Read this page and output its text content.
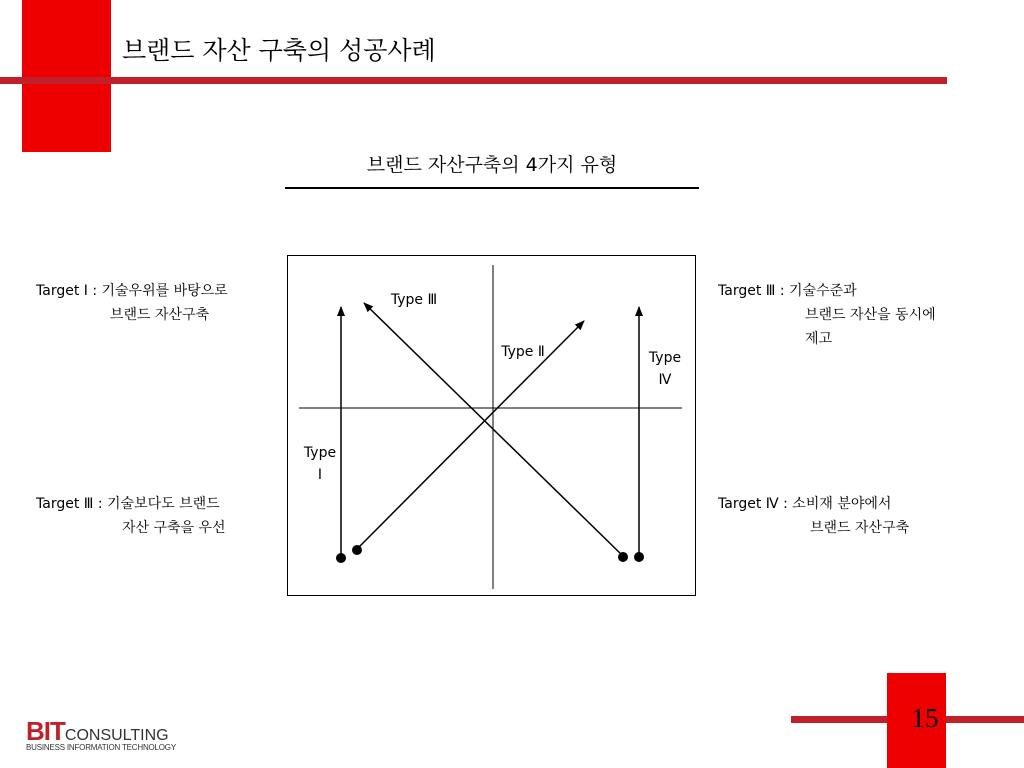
브랜드 자산 구축의 성공사례
브랜드 자산구축의 4가지 유형
Target Ⅰ : 기술우위를 바탕으로
브랜드 자산구축
Target Ⅲ : 기술보다도 브랜드
자산 구축을 우선
Target Ⅲ : 기술수준과
브랜드 자산을 동시에
제고
Target Ⅳ : 소비재 분야에서
브랜드 자산구축
Type
Ⅰ
Type Ⅱ
Type Ⅲ
Type
Ⅳ
15
BITCONSULTING
BUSINESS INFORMATION TECHNOLOGY
